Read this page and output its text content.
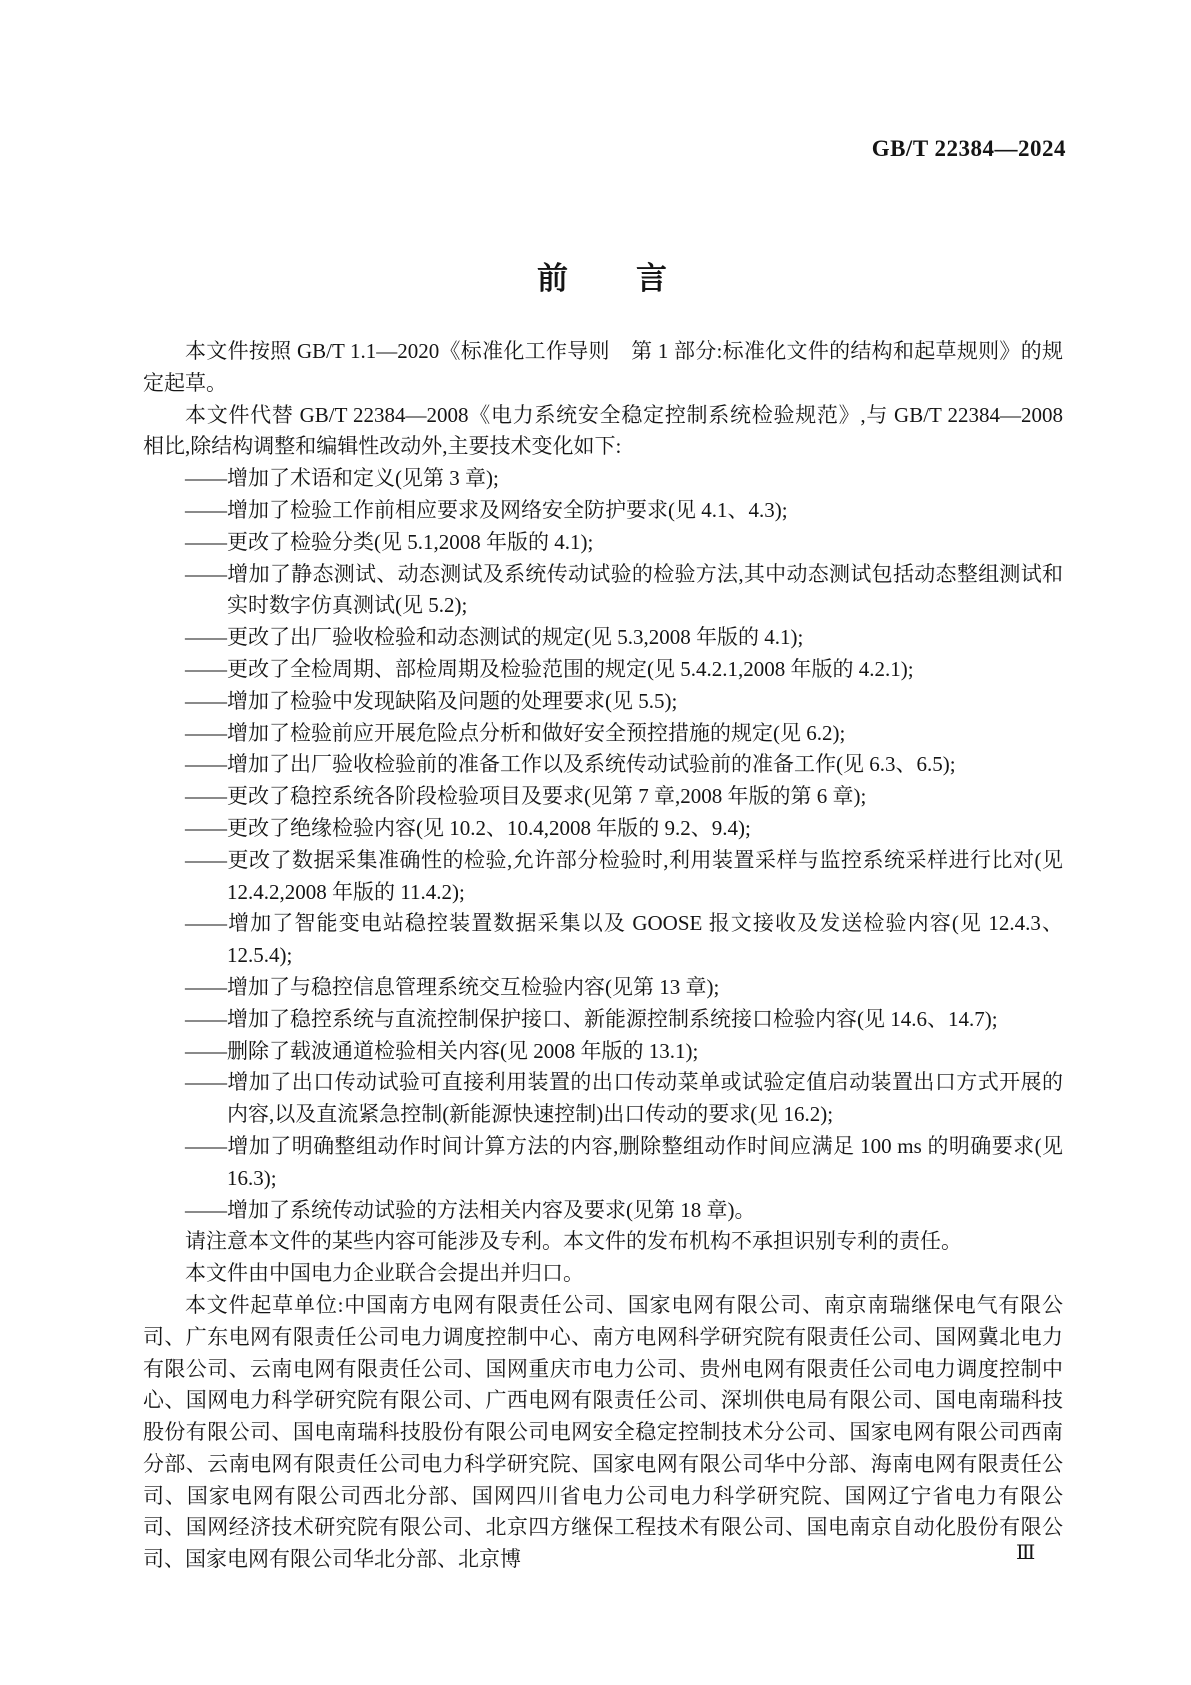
GB/T 22384—2024
前　　言

本文件按照 GB/T 1.1—2020《标准化工作导则　第 1 部分:标准化文件的结构和起草规则》的规定起草。

本文件代替 GB/T 22384—2008《电力系统安全稳定控制系统检验规范》,与 GB/T 22384—2008 相比,除结构调整和编辑性改动外,主要技术变化如下:

——增加了术语和定义(见第 3 章);

——增加了检验工作前相应要求及网络安全防护要求(见 4.1、4.3);

——更改了检验分类(见 5.1,2008 年版的 4.1);

——增加了静态测试、动态测试及系统传动试验的检验方法,其中动态测试包括动态整组测试和实时数字仿真测试(见 5.2);

——更改了出厂验收检验和动态测试的规定(见 5.3,2008 年版的 4.1);

——更改了全检周期、部检周期及检验范围的规定(见 5.4.2.1,2008 年版的 4.2.1);

——增加了检验中发现缺陷及问题的处理要求(见 5.5);

——增加了检验前应开展危险点分析和做好安全预控措施的规定(见 6.2);

——增加了出厂验收检验前的准备工作以及系统传动试验前的准备工作(见 6.3、6.5);

——更改了稳控系统各阶段检验项目及要求(见第 7 章,2008 年版的第 6 章);

——更改了绝缘检验内容(见 10.2、10.4,2008 年版的 9.2、9.4);

——更改了数据采集准确性的检验,允许部分检验时,利用装置采样与监控系统采样进行比对(见 12.4.2,2008 年版的 11.4.2);

——增加了智能变电站稳控装置数据采集以及 GOOSE 报文接收及发送检验内容(见 12.4.3、12.5.4);

——增加了与稳控信息管理系统交互检验内容(见第 13 章);

——增加了稳控系统与直流控制保护接口、新能源控制系统接口检验内容(见 14.6、14.7);

——删除了载波通道检验相关内容(见 2008 年版的 13.1);

——增加了出口传动试验可直接利用装置的出口传动菜单或试验定值启动装置出口方式开展的内容,以及直流紧急控制(新能源快速控制)出口传动的要求(见 16.2);

——增加了明确整组动作时间计算方法的内容,删除整组动作时间应满足 100 ms 的明确要求(见 16.3);

——增加了系统传动试验的方法相关内容及要求(见第 18 章)。

请注意本文件的某些内容可能涉及专利。本文件的发布机构不承担识别专利的责任。

本文件由中国电力企业联合会提出并归口。

本文件起草单位:中国南方电网有限责任公司、国家电网有限公司、南京南瑞继保电气有限公司、广东电网有限责任公司电力调度控制中心、南方电网科学研究院有限责任公司、国网冀北电力有限公司、云南电网有限责任公司、国网重庆市电力公司、贵州电网有限责任公司电力调度控制中心、国网电力科学研究院有限公司、广西电网有限责任公司、深圳供电局有限公司、国电南瑞科技股份有限公司、国电南瑞科技股份有限公司电网安全稳定控制技术分公司、国家电网有限公司西南分部、云南电网有限责任公司电力科学研究院、国家电网有限公司华中分部、海南电网有限责任公司、国家电网有限公司西北分部、国网四川省电力公司电力科学研究院、国网辽宁省电力有限公司、国网经济技术研究院有限公司、北京四方继保工程技术有限公司、国电南京自动化股份有限公司、国家电网有限公司华北分部、北京博	Ⅲ
